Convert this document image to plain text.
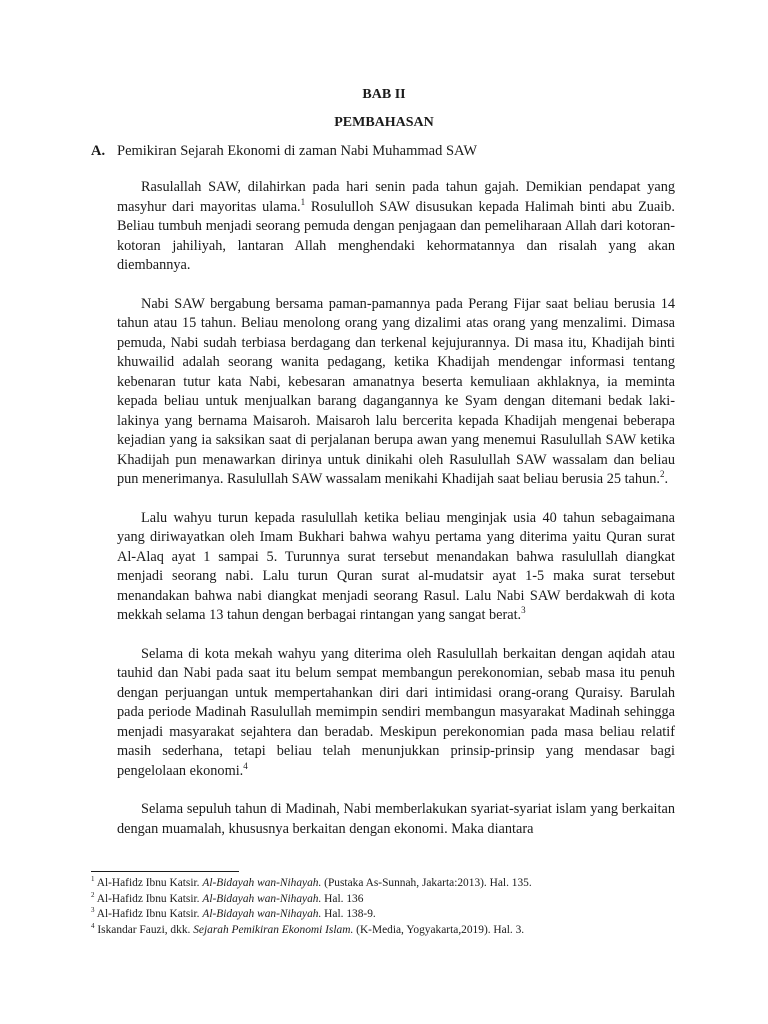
BAB II
PEMBAHASAN
A. Pemikiran Sejarah Ekonomi di zaman Nabi Muhammad SAW

Rasulallah SAW, dilahirkan pada hari senin pada tahun gajah. Demikian pendapat yang masyhur dari mayoritas ulama.$^1$ Rosululloh SAW disusukan kepada Halimah binti abu Zuaib. Beliau tumbuh menjadi seorang pemuda dengan penjagaan dan pemeliharaan Allah dari kotoran-kotoran jahiliyah, lantaran Allah menghendaki kehormatannya dan risalah yang akan diembannya.

Nabi SAW bergabung bersama paman-pamannya pada Perang Fijar saat beliau berusia 14 tahun atau 15 tahun. Beliau menolong orang yang dizalimi atas orang yang menzalimi. Dimasa pemuda, Nabi sudah terbiasa berdagang dan terkenal kejujurannya. Di masa itu, Khadijah binti khuwailid adalah seorang wanita pedagang, ketika Khadijah mendengar informasi tentang kebenaran tutur kata Nabi, kebesaran amanatnya beserta kemuliaan akhlaknya, ia meminta kepada beliau untuk menjualkan barang dagangannya ke Syam dengan ditemani bedak laki-lakinya yang bernama Maisaroh. Maisaroh lalu bercerita kepada Khadijah mengenai beberapa kejadian yang ia saksikan saat di perjalanan berupa awan yang menemui Rasulullah SAW ketika Khadijah pun menawarkan dirinya untuk dinikahi oleh Rasulullah SAW wassalam dan beliau pun menerimanya. Rasulullah SAW wassalam menikahi Khadijah saat beliau berusia 25 tahun.$^2$.

Lalu wahyu turun kepada rasulullah ketika beliau menginjak usia 40 tahun sebagaimana yang diriwayatkan oleh Imam Bukhari bahwa wahyu pertama yang diterima yaitu Quran surat Al-Alaq ayat 1 sampai 5. Turunnya surat tersebut menandakan bahwa rasulullah diangkat menjadi seorang nabi. Lalu turun Quran surat al-mudatsir ayat 1-5 maka surat tersebut menandakan bahwa nabi diangkat menjadi seorang Rasul. Lalu Nabi SAW berdakwah di kota mekkah selama 13 tahun dengan berbagai rintangan yang sangat berat.$^3$

Selama di kota mekah wahyu yang diterima oleh Rasulullah berkaitan dengan aqidah atau tauhid dan Nabi pada saat itu belum sempat membangun perekonomian, sebab masa itu penuh dengan perjuangan untuk mempertahankan diri dari intimidasi orang-orang Quraisy. Barulah pada periode Madinah Rasulullah memimpin sendiri membangun masyarakat Madinah sehingga menjadi masyarakat sejahtera dan beradab. Meskipun perekonomian pada masa beliau relatif masih sederhana, tetapi beliau telah menunjukkan prinsip-prinsip yang mendasar bagi pengelolaan ekonomi.$^4$

Selama sepuluh tahun di Madinah, Nabi memberlakukan syariat-syariat islam yang berkaitan dengan muamalah, khususnya berkaitan dengan ekonomi. Maka diantara

$^1$ Al-Hafidz Ibnu Katsir. Al-Bidayah wan-Nihayah. (Pustaka As-Sunnah, Jakarta:2013). Hal. 135.
$^2$ Al-Hafidz Ibnu Katsir. Al-Bidayah wan-Nihayah. Hal. 136
$^3$ Al-Hafidz Ibnu Katsir. Al-Bidayah wan-Nihayah. Hal. 138-9.
$^4$ Iskandar Fauzi, dkk. Sejarah Pemikiran Ekonomi Islam. (K-Media, Yogyakarta,2019). Hal. 3.
